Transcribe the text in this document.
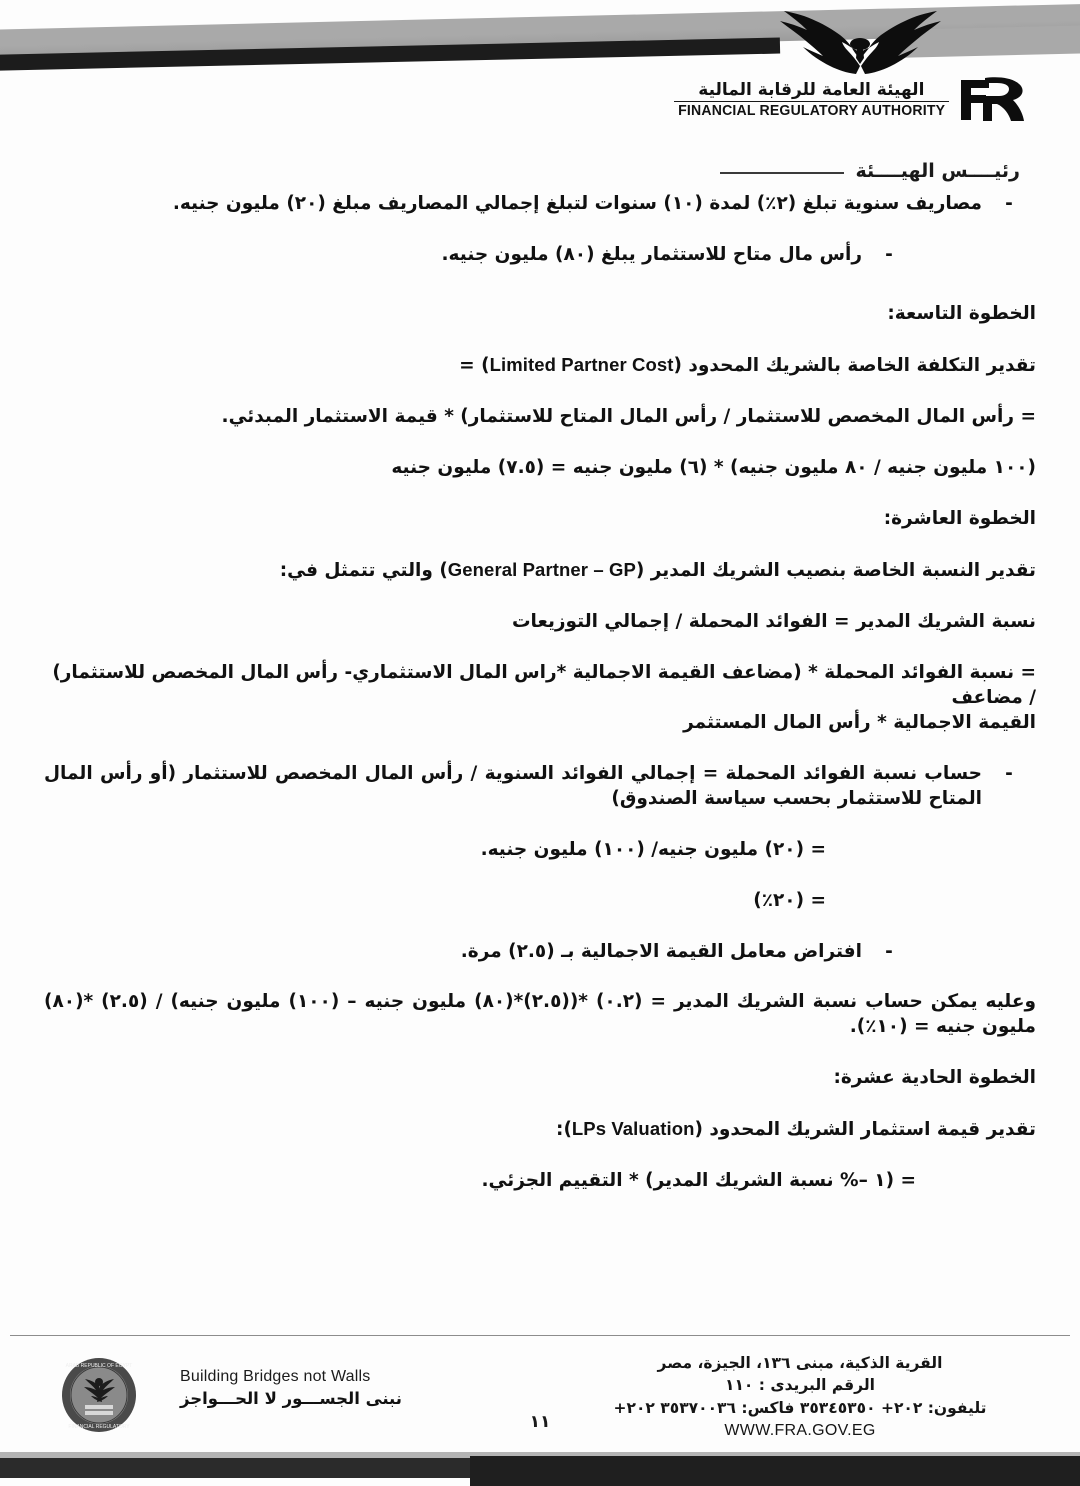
الهيئة العامة للرقابة المالية
FINANCIAL REGULATORY AUTHORITY
رئيــــس الهيــــئة
-
مصاريف سنوية تبلغ (٢٪) لمدة (١٠) سنوات لتبلغ إجمالي المصاريف مبلغ (٢٠) مليون جنيه.
-
رأس مال متاح للاستثمار يبلغ (٨٠) مليون جنيه.
الخطوة التاسعة:
تقدير التكلفة الخاصة بالشريك المحدود (Limited Partner Cost) =
= رأس المال المخصص للاستثمار / رأس المال المتاح للاستثمار) * قيمة الاستثمار المبدئي.
(١٠٠ مليون جنيه / ٨٠ مليون جنيه) * (٦) مليون جنيه = (٧.٥) مليون جنيه
الخطوة العاشرة:
تقدير النسبة الخاصة بنصيب الشريك المدير (General Partner – GP) والتي تتمثل في:
نسبة الشريك المدير = الفوائد المحملة / إجمالي التوزيعات
= نسبة الفوائد المحملة * (مضاعف القيمة الاجمالية *راس المال الاستثماري- رأس المال المخصص للاستثمار) / مضاعف
القيمة الاجمالية * رأس المال المستثمر
-
حساب نسبة الفوائد المحملة = إجمالي الفوائد السنوية / رأس المال المخصص للاستثمار (أو رأس المال المتاح للاستثمار بحسب سياسة الصندوق)
= (٢٠) مليون جنيه/ (١٠٠) مليون جنيه.
= (٢٠٪)
-
افتراض معامل القيمة الاجمالية بـ (٢.٥) مرة.
وعليه يمكن حساب نسبة الشريك المدير = (٠.٢) *((٢.٥)*(٨٠) مليون جنيه – (١٠٠) مليون جنيه) / (٢.٥) *(٨٠) مليون جنيه = (١٠٪).
الخطوة الحادية عشرة:
تقدير قيمة استثمار الشريك المحدود (LPs Valuation):
= (١ –% نسبة الشريك المدير) * التقييم الجزئي.
ARAB REPUBLIC OF EGYPT
FINANCIAL REGULATORY
Building Bridges not Walls
نبنى الجســـور لا الحـــواجز
القرية الذكية، مبنى ١٣٦، الجيزة، مصر
الرقم البريدى : ١١٠
تليفون: ٢٠٢+ ٣٥٣٤٥٣٥٠ فاكس: ٣٥٣٧٠٠٣٦ ٢٠٢+
WWW.FRA.GOV.EG
١١
